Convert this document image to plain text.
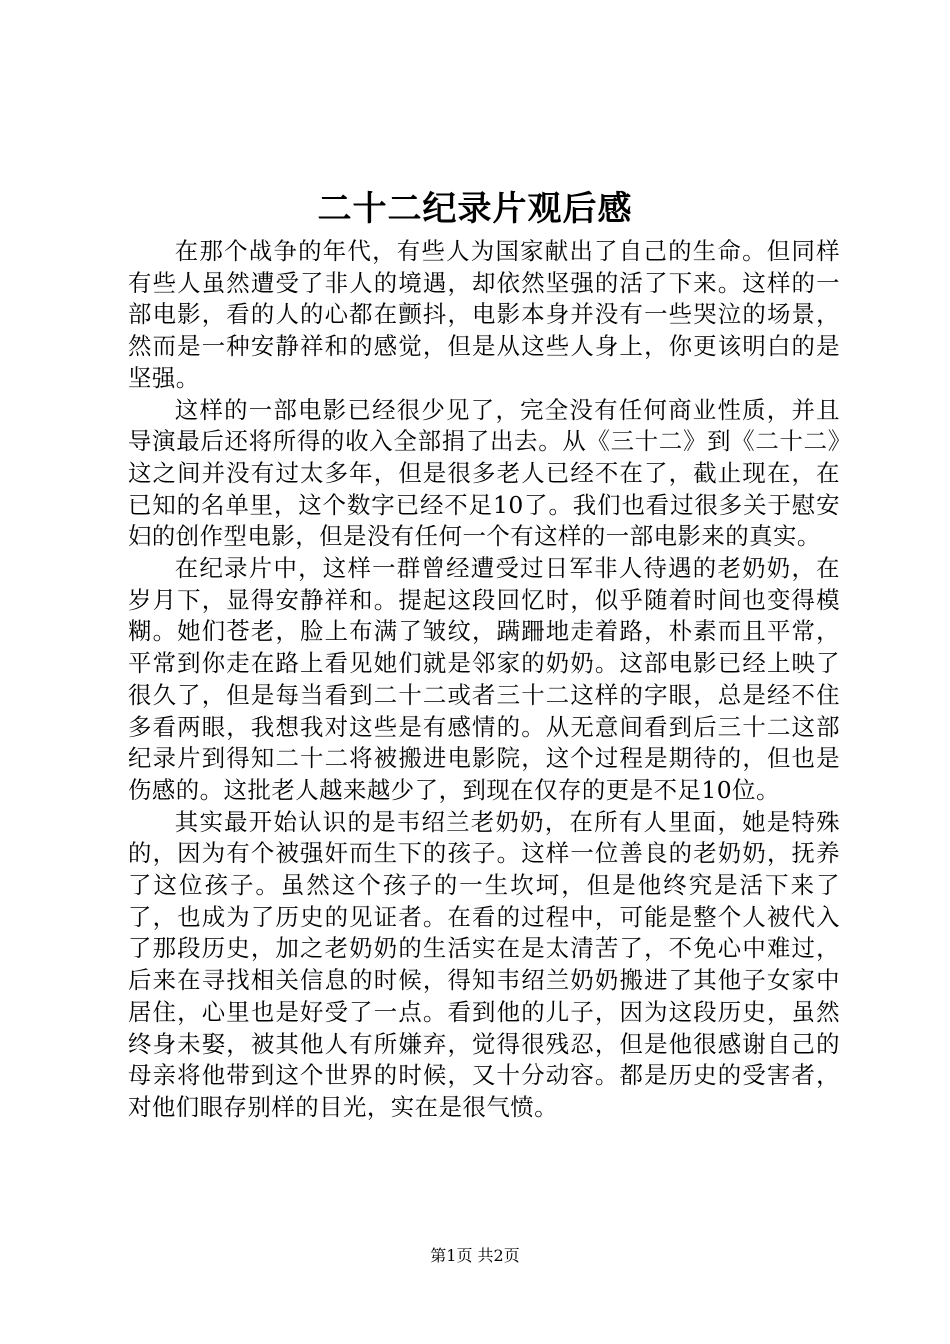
二十二纪录片观后感

在那个战争的年代，有些人为国家献出了自己的生命。但同样有些人虽然遭受了非人的境遇，却依然坚强的活了下来。这样的一部电影，看的人的心都在颤抖，电影本身并没有一些哭泣的场景，然而是一种安静祥和的感觉，但是从这些人身上，你更该明白的是坚强。

这样的一部电影已经很少见了，完全没有任何商业性质，并且导演最后还将所得的收入全部捐了出去。从《三十二》到《二十二》这之间并没有过太多年，但是很多老人已经不在了，截止现在，在已知的名单里，这个数字已经不足10了。我们也看过很多关于慰安妇的创作型电影，但是没有任何一个有这样的一部电影来的真实。

在纪录片中，这样一群曾经遭受过日军非人待遇的老奶奶，在岁月下，显得安静祥和。提起这段回忆时，似乎随着时间也变得模糊。她们苍老，脸上布满了皱纹，蹒跚地走着路，朴素而且平常，平常到你走在路上看见她们就是邻家的奶奶。这部电影已经上映了很久了，但是每当看到二十二或者三十二这样的字眼，总是经不住多看两眼，我想我对这些是有感情的。从无意间看到后三十二这部纪录片到得知二十二将被搬进电影院，这个过程是期待的，但也是伤感的。这批老人越来越少了，到现在仅存的更是不足10位。

其实最开始认识的是韦绍兰老奶奶，在所有人里面，她是特殊的，因为有个被强奸而生下的孩子。这样一位善良的老奶奶，抚养了这位孩子。虽然这个孩子的一生坎坷，但是他终究是活下来了了，也成为了历史的见证者。在看的过程中，可能是整个人被代入了那段历史，加之老奶奶的生活实在是太清苦了，不免心中难过，后来在寻找相关信息的时候，得知韦绍兰奶奶搬进了其他子女家中居住，心里也是好受了一点。看到他的儿子，因为这段历史，虽然终身未娶，被其他人有所嫌弃，觉得很残忍，但是他很感谢自己的母亲将他带到这个世界的时候，又十分动容。都是历史的受害者，对他们眼存别样的目光，实在是很气愤。

第1页 共2页
